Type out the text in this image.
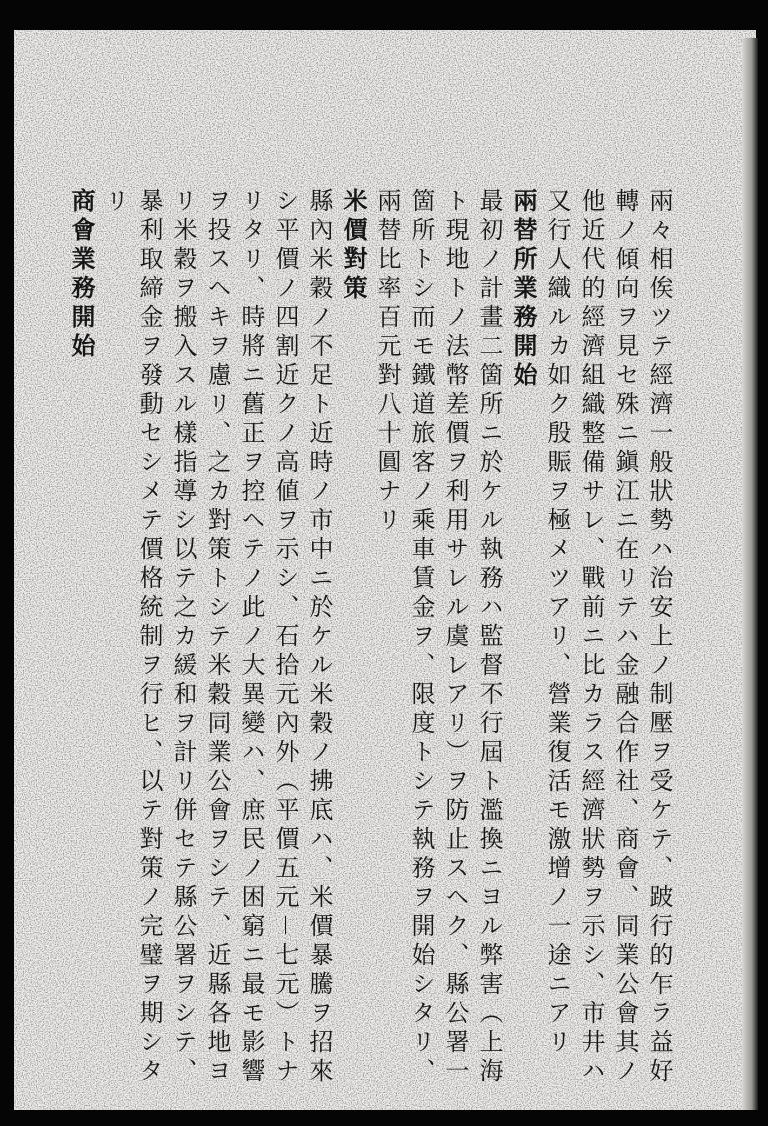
兩々相俟ツテ經濟一般狀勢ハ治安上ノ制壓ヲ受ケテ、跛行的乍ラ益好
轉ノ傾向ヲ見セ殊ニ鎭江ニ在リテハ金融合作社、商會、同業公會其ノ
他近代的經濟組織整備サレ、戰前ニ比カラス經濟狀勢ヲ示シ、市井ハ
又行人織ルカ如ク殷賑ヲ極メツアリ、營業復活モ激增ノ一途ニアリ
兩替所業務開始
最初ノ計畫二箇所ニ於ケル執務ハ監督不行屆ト濫換ニヨル弊害（上海
ト現地トノ法幣差價ヲ利用サレル虞レアリ）ヲ防止スヘク、縣公署一
箇所トシ而モ鐵道旅客ノ乘車賃金ヲ、限度トシテ執務ヲ開始シタリ、
兩替比率百元對八十圓ナリ
米價對策
縣內米穀ノ不足ト近時ノ市中ニ於ケル米穀ノ拂底ハ、米價暴騰ヲ招來
シ平價ノ四割近クノ高値ヲ示シ、石拾元內外（平價五元－七元）トナ
リタリ、時將ニ舊正ヲ控ヘテノ此ノ大異變ハ、庶民ノ困窮ニ最モ影響
ヲ投スヘキヲ慮リ、之カ對策トシテ米穀同業公會ヲシテ、近縣各地ヨ
リ米穀ヲ搬入スル樣指導シ以テ之カ緩和ヲ計リ併セテ縣公署ヲシテ、
暴利取締金ヲ發動セシメテ價格統制ヲ行ヒ、以テ對策ノ完璧ヲ期シタ
リ
商會業務開始
